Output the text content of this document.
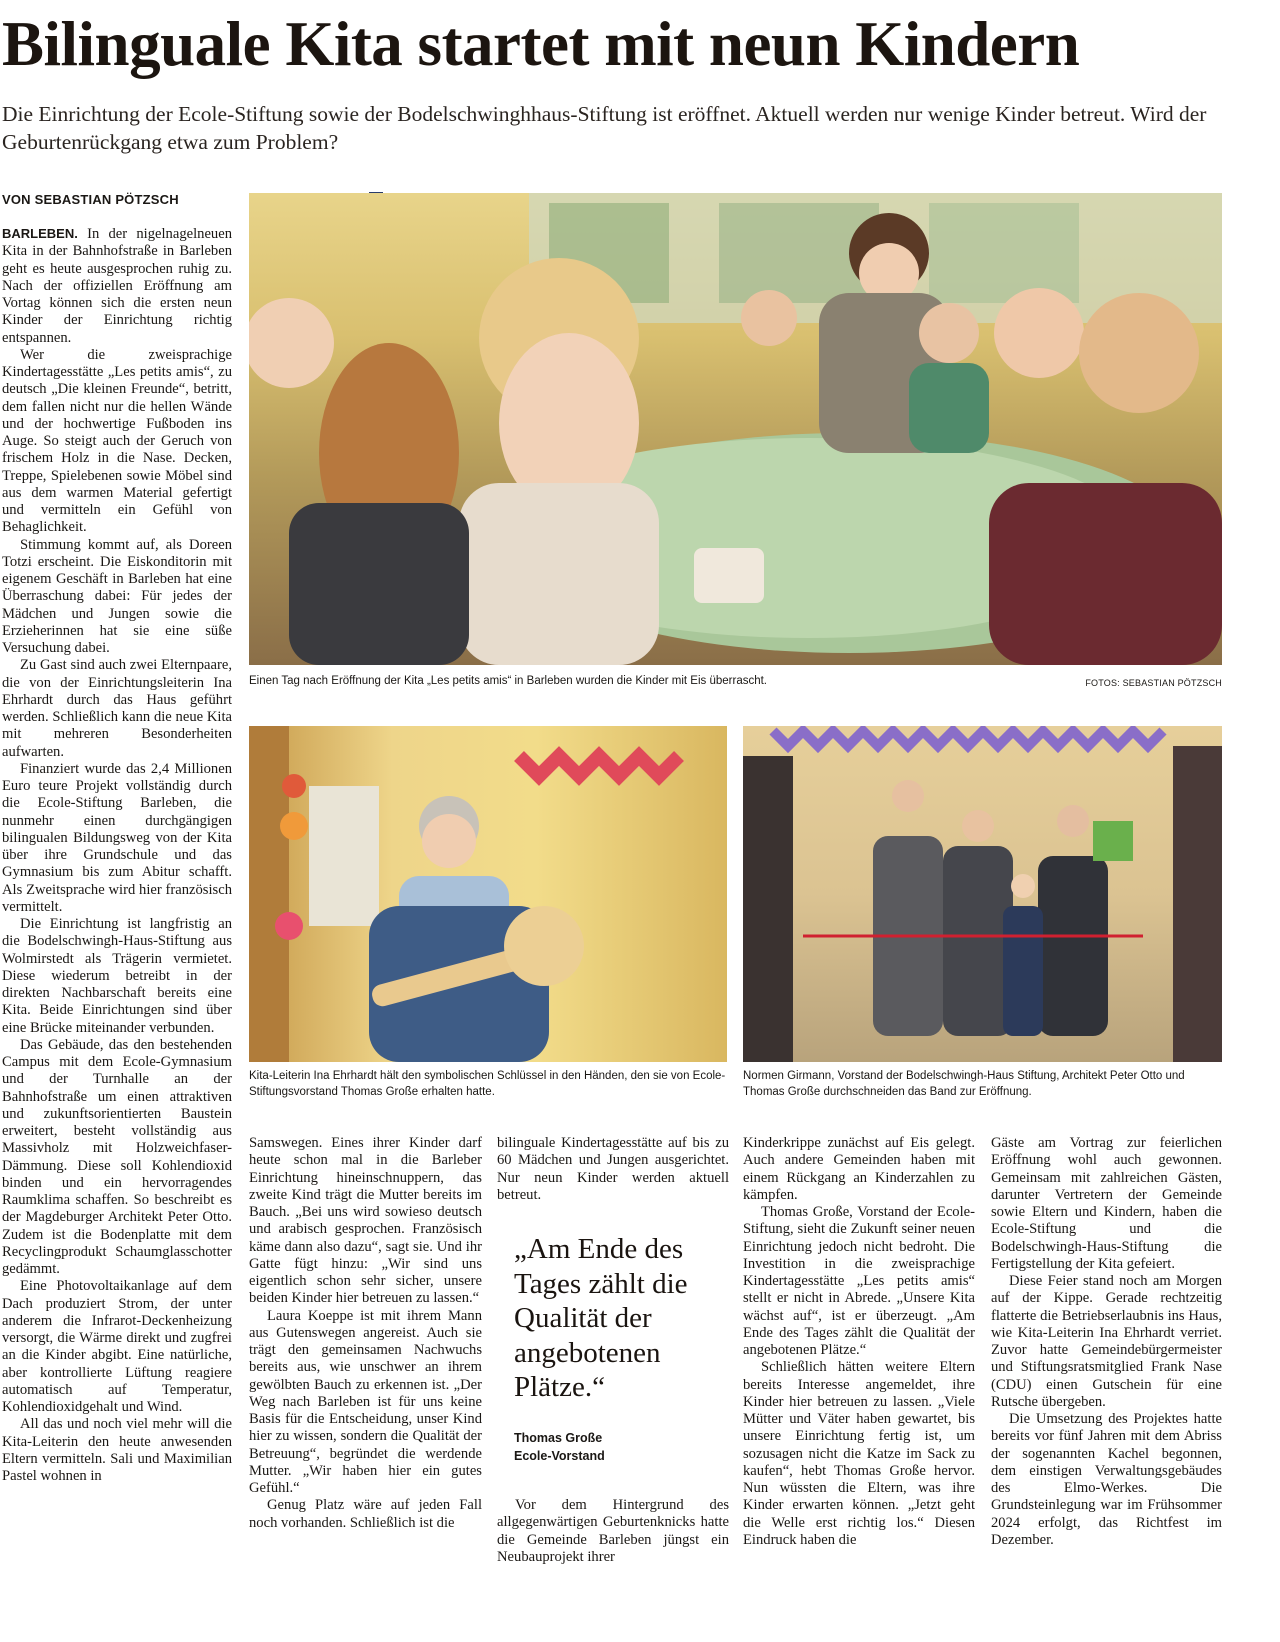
Bilinguale Kita startet mit neun Kindern
Die Einrichtung der Ecole-Stiftung sowie der Bodelschwinghhaus-Stiftung ist eröffnet. Aktuell werden nur wenige Kinder betreut. Wird der Geburtenrückgang etwa zum Problem?
VON SEBASTIAN PÖTZSCH

BARLEBEN. In der nigelnagelneuen Kita in der Bahnhofstraße in Barleben geht es heute ausgesprochen ruhig zu. Nach der offiziellen Eröffnung am Vortag können sich die ersten neun Kinder der Einrichtung richtig entspannen.

Wer die zweisprachige Kindertagesstätte „Les petits amis“, zu deutsch „Die kleinen Freunde“, betritt, dem fallen nicht nur die hellen Wände und der hochwertige Fußboden ins Auge. So steigt auch der Geruch von frischem Holz in die Nase. Decken, Treppe, Spielebenen sowie Möbel sind aus dem warmen Material gefertigt und vermitteln ein Gefühl von Behaglichkeit.

Stimmung kommt auf, als Doreen Totzi erscheint. Die Eiskonditorin mit eigenem Geschäft in Barleben hat eine Überraschung dabei: Für jedes der Mädchen und Jungen sowie die Erzieherinnen hat sie eine süße Versuchung dabei.

Zu Gast sind auch zwei Elternpaare, die von der Einrichtungsleiterin Ina Ehrhardt durch das Haus geführt werden. Schließlich kann die neue Kita mit mehreren Besonderheiten aufwarten.

Finanziert wurde das 2,4 Millionen Euro teure Projekt vollständig durch die Ecole-Stiftung Barleben, die nunmehr einen durchgängigen bilingualen Bildungsweg von der Kita über ihre Grundschule und das Gymnasium bis zum Abitur schafft. Als Zweitsprache wird hier französisch vermittelt.

Die Einrichtung ist langfristig an die Bodelschwingh-Haus-Stiftung aus Wolmirstedt als Trägerin vermietet. Diese wiederum betreibt in der direkten Nachbarschaft bereits eine Kita. Beide Einrichtungen sind über eine Brücke miteinander verbunden.

Das Gebäude, das den bestehenden Campus mit dem Ecole-Gymnasium und der Turnhalle an der Bahnhofstraße um einen attraktiven und zukunftsorientierten Baustein erweitert, besteht vollständig aus Massivholz mit Holzweichfaser-Dämmung. Diese soll Kohlendioxid binden und ein hervorragendes Raumklima schaffen. So beschreibt es der Magdeburger Architekt Peter Otto. Zudem ist die Bodenplatte mit dem Recyclingprodukt Schaumglasschotter gedämmt.

Eine Photovoltaikanlage auf dem Dach produziert Strom, der unter anderem die Infrarot-Deckenheizung versorgt, die Wärme direkt und zugfrei an die Kinder abgibt. Eine natürliche, aber kontrollierte Lüftung reagiere automatisch auf Temperatur, Kohlendioxidgehalt und Wind.

All das und noch viel mehr will die Kita-Leiterin den heute anwesenden Eltern vermitteln. Sali und Maximilian Pastel wohnen in

Einen Tag nach Eröffnung der Kita „Les petits amis“ in Barleben wurden die Kinder mit Eis überrascht.	FOTOS: SEBASTIAN PÖTZSCH
Kita-Leiterin Ina Ehrhardt hält den symbolischen Schlüssel in den Händen, den sie von Ecole-Stiftungsvorstand Thomas Große erhalten hatte.
Normen Girmann, Vorstand der Bodelschwingh-Haus Stiftung, Architekt Peter Otto und Thomas Große durchschneiden das Band zur Eröffnung.

Samswegen. Eines ihrer Kinder darf heute schon mal in die Barleber Einrichtung hineinschnuppern, das zweite Kind trägt die Mutter bereits im Bauch. „Bei uns wird sowieso deutsch und arabisch gesprochen. Französisch käme dann also dazu“, sagt sie. Und ihr Gatte fügt hinzu: „Wir sind uns eigentlich schon sehr sicher, unsere beiden Kinder hier betreuen zu lassen.“

Laura Koeppe ist mit ihrem Mann aus Gutenswegen angereist. Auch sie trägt den gemeinsamen Nachwuchs bereits aus, wie unschwer an ihrem gewölbten Bauch zu erkennen ist. „Der Weg nach Barleben ist für uns keine Basis für die Entscheidung, unser Kind hier zu wissen, sondern die Qualität der Betreuung“, begründet die werdende Mutter. „Wir haben hier ein gutes Gefühl.“

Genug Platz wäre auf jeden Fall noch vorhanden. Schließlich ist die

bilinguale Kindertagesstätte auf bis zu 60 Mädchen und Jungen ausgerichtet. Nur neun Kinder werden aktuell betreut.

„Am Ende des Tages zählt die Qualität der angebotenen Plätze.“
Thomas Große
Ecole-Vorstand

Vor dem Hintergrund des allgegenwärtigen Geburtenknicks hatte die Gemeinde Barleben jüngst ein Neubauprojekt ihrer

Kinderkrippe zunächst auf Eis gelegt. Auch andere Gemeinden haben mit einem Rückgang an Kinderzahlen zu kämpfen.

Thomas Große, Vorstand der Ecole-Stiftung, sieht die Zukunft seiner neuen Einrichtung jedoch nicht bedroht. Die Investition in die zweisprachige Kindertagesstätte „Les petits amis“ stellt er nicht in Abrede. „Unsere Kita wächst auf“, ist er überzeugt. „Am Ende des Tages zählt die Qualität der angebotenen Plätze.“

Schließlich hätten weitere Eltern bereits Interesse angemeldet, ihre Kinder hier betreuen zu lassen. „Viele Mütter und Väter haben gewartet, bis unsere Einrichtung fertig ist, um sozusagen nicht die Katze im Sack zu kaufen“, hebt Thomas Große hervor. Nun wüssten die Eltern, was ihre Kinder erwarten können. „Jetzt geht die Welle erst richtig los.“ Diesen Eindruck haben die

Gäste am Vortrag zur feierlichen Eröffnung wohl auch gewonnen. Gemeinsam mit zahlreichen Gästen, darunter Vertretern der Gemeinde sowie Eltern und Kindern, haben die Ecole-Stiftung und die Bodelschwingh-Haus-Stiftung die Fertigstellung der Kita gefeiert.

Diese Feier stand noch am Morgen auf der Kippe. Gerade rechtzeitig flatterte die Betriebserlaubnis ins Haus, wie Kita-Leiterin Ina Ehrhardt verriet. Zuvor hatte Gemeindebürgermeister und Stiftungsratsmitglied Frank Nase (CDU) einen Gutschein für eine Rutsche übergeben.

Die Umsetzung des Projektes hatte bereits vor fünf Jahren mit dem Abriss der sogenannten Kachel begonnen, dem einstigen Verwaltungsgebäudes des Elmo-Werkes. Die Grundsteinlegung war im Frühsommer 2024 erfolgt, das Richtfest im Dezember.
